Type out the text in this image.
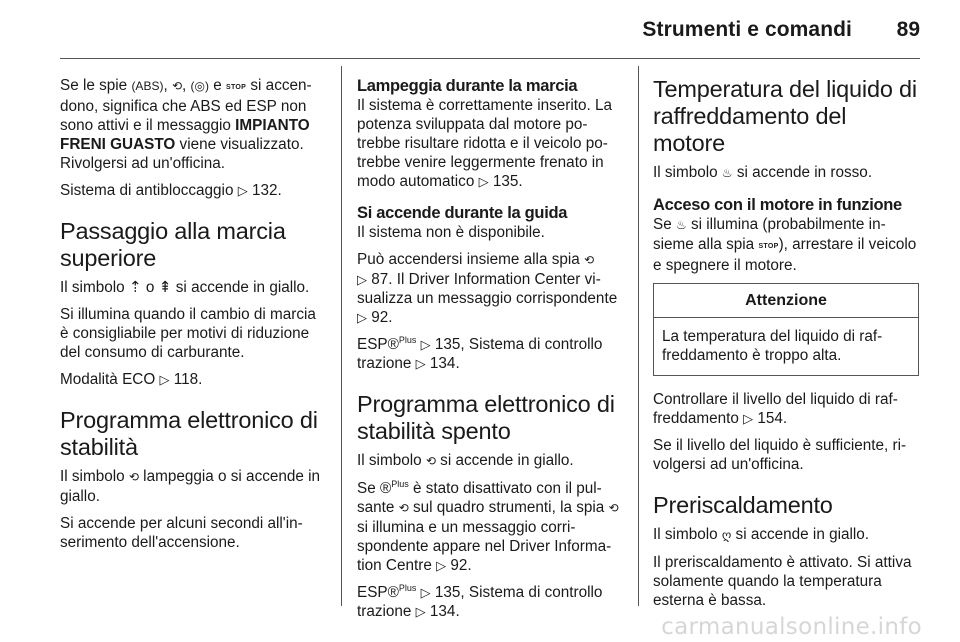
Strumenti e comandi 89

Se le spie (ABS), ⟲, (◎) e STOP si accendono, significa che ABS ed ESP non sono attivi e il messaggio IMPIANTO FRENI GUASTO viene visualizzato. Rivolgersi ad un'officina.

Sistema di antibloccaggio ▷ 132.

Passaggio alla marcia superiore

Il simbolo ⇡ o ⇞ si accende in giallo.

Si illumina quando il cambio di marcia è consigliabile per motivi di riduzione del consumo di carburante.

Modalità ECO ▷ 118.

Programma elettronico di stabilità

Il simbolo ⟲ lampeggia o si accende in giallo.

Si accende per alcuni secondi all'inserimento dell'accensione.

Lampeggia durante la marcia

Il sistema è correttamente inserito. La potenza sviluppata dal motore potrebbe risultare ridotta e il veicolo potrebbe venire leggermente frenato in modo automatico ▷ 135.

Si accende durante la guida

Il sistema non è disponibile.

Può accendersi insieme alla spia ⟲
▷ 87. Il Driver Information Center visualizza un messaggio corrispondente ▷ 92.

ESP®$^{Plus}$ ▷ 135, Sistema di controllo trazione ▷ 134.

Programma elettronico di stabilità spento

Il simbolo ⟲ si accende in giallo.

Se ®$^{Plus}$ è stato disattivato con il pulsante ⟲ sul quadro strumenti, la spia ⟲ si illumina e un messaggio corrispondente appare nel Driver Information Centre ▷ 92.

ESP®$^{Plus}$ ▷ 135, Sistema di controllo trazione ▷ 134.

Temperatura del liquido di raffreddamento del motore

Il simbolo ♨ si accende in rosso.

Acceso con il motore in funzione

Se ♨ si illumina (probabilmente insieme alla spia STOP), arrestare il veicolo e spegnere il motore.

Attenzione
La temperatura del liquido di raffreddamento è troppo alta.

Controllare il livello del liquido di raffreddamento ▷ 154.

Se il livello del liquido è sufficiente, rivolgersi ad un'officina.

Preriscaldamento

Il simbolo ღ si accende in giallo.

Il preriscaldamento è attivato. Si attiva solamente quando la temperatura esterna è bassa.

carmanualsonline.info
